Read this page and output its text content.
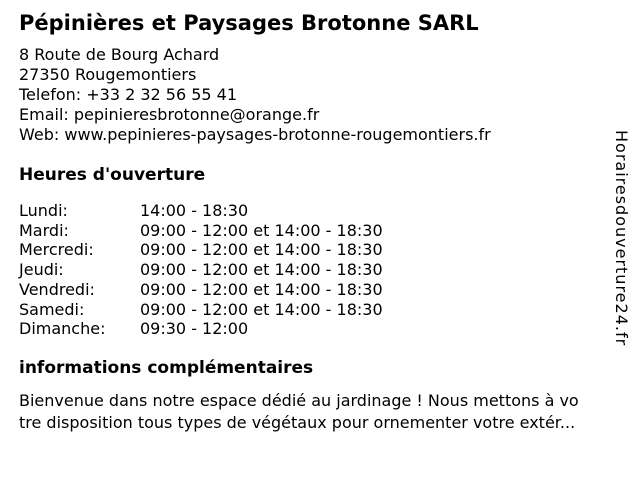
Pépinières et Paysages Brotonne SARL
8 Route de Bourg Achard
27350 Rougemontiers
Telefon: +33 2 32 56 55 41
Email: pepinieresbrotonne@orange.fr
Web: www.pepinieres-paysages-brotonne-rougemontiers.fr
Heures d'ouverture
Lundi:	14:00 - 18:30
Mardi:	09:00 - 12:00 et 14:00 - 18:30
Mercredi:	09:00 - 12:00 et 14:00 - 18:30
Jeudi:	09:00 - 12:00 et 14:00 - 18:30
Vendredi:	09:00 - 12:00 et 14:00 - 18:30
Samedi:	09:00 - 12:00 et 14:00 - 18:30
Dimanche: 09:30 - 12:00
informations complémentaires
Bienvenue dans notre espace dédié au jardinage ! Nous mettons à vo
tre disposition tous types de végétaux pour ornementer votre extér...
Horairesdouverture24.fr
